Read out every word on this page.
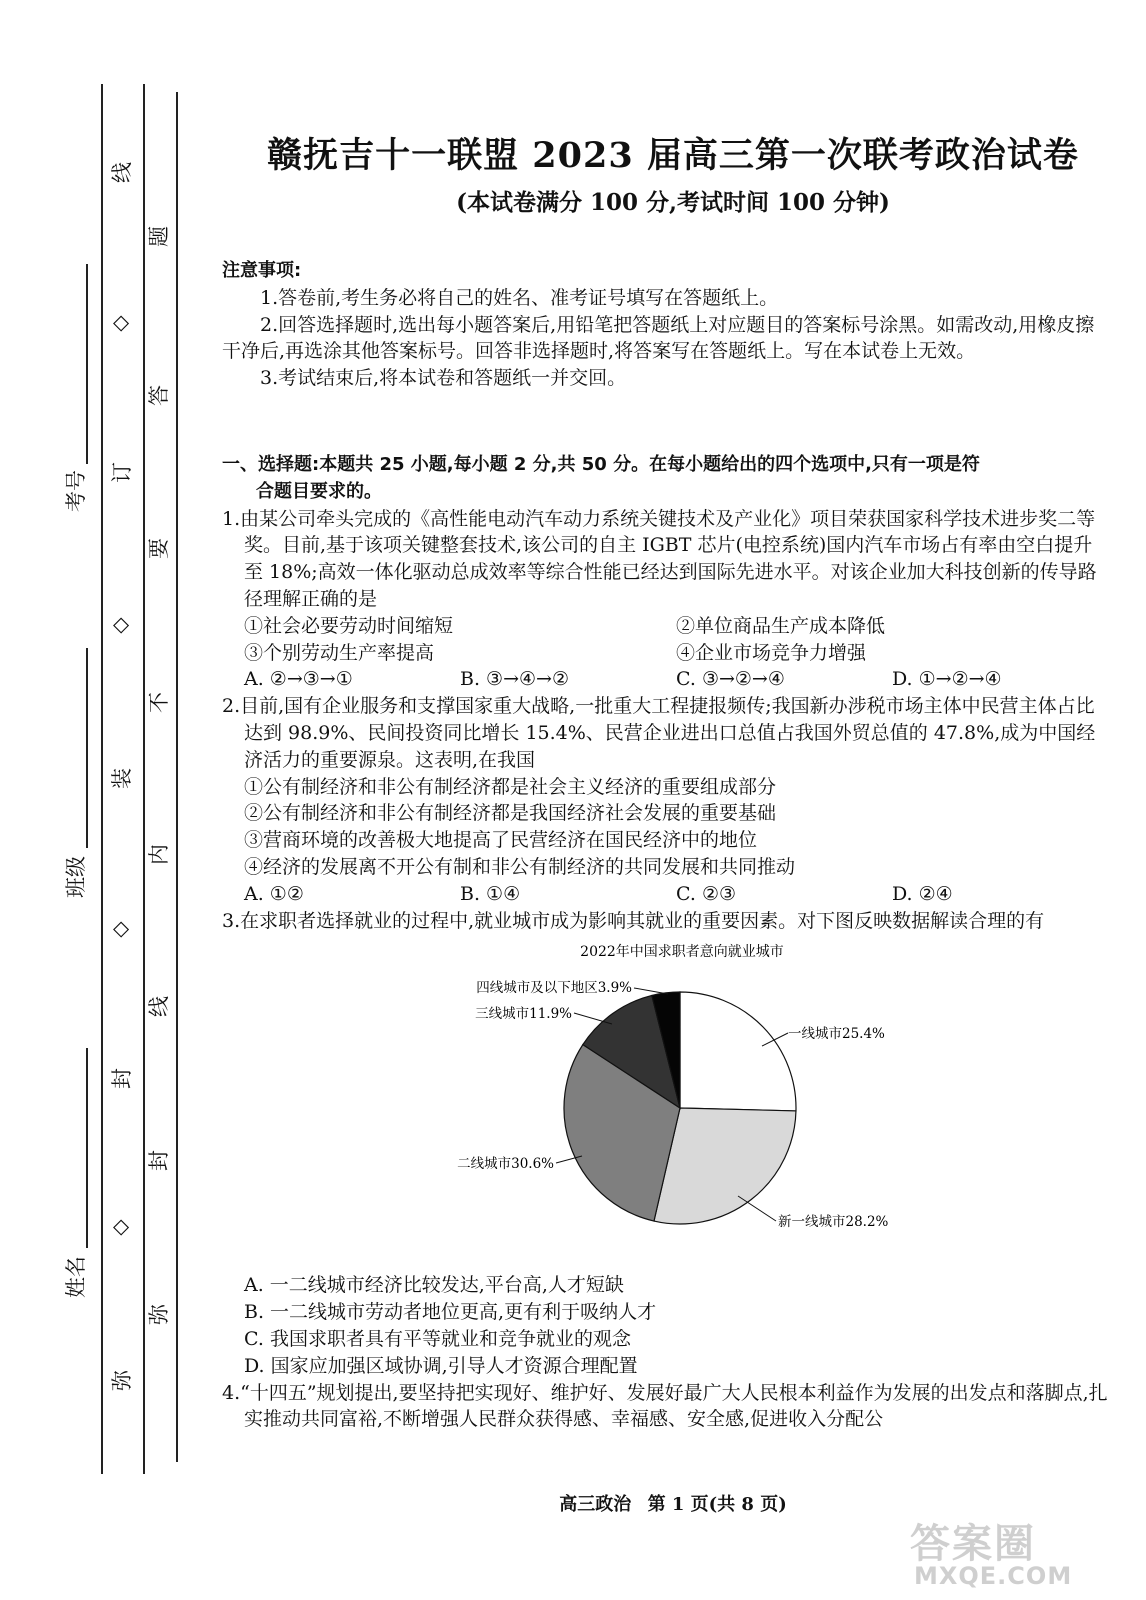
线
◇
订
◇
装
◇
封
◇
弥
题
答
要
不
内
线
封
弥
考号
班级
姓名
赣抚吉十一联盟 2023 届高三第一次联考政治试卷

(本试卷满分 100 分,考试时间 100 分钟)

注意事项:

1.答卷前,考生务必将自己的姓名、准考证号填写在答题纸上。

2.回答选择题时,选出每小题答案后,用铅笔把答题纸上对应题目的答案标号涂黑。如需改动,用橡皮擦干净后,再选涂其他答案标号。回答非选择题时,将答案写在答题纸上。写在本试卷上无效。

3.考试结束后,将本试卷和答题纸一并交回。

一、选择题:本题共 25 小题,每小题 2 分,共 50 分。在每小题给出的四个选项中,只有一项是符
合题目要求的。

1.由某公司牵头完成的《高性能电动汽车动力系统关键技术及产业化》项目荣获国家科学技术进步奖二等奖。目前,基于该项关键整套技术,该公司的自主 IGBT 芯片(电控系统)国内汽车市场占有率由空白提升至 18%;高效一体化驱动总成效率等综合性能已经达到国际先进水平。对该企业加大科技创新的传导路径理解正确的是

①社会必要劳动时间缩短	②单位商品生产成本降低
③个别劳动生产率提高	④企业市场竞争力增强
A. ②→③→①	B. ③→④→②	C. ③→②→④	D. ①→②→④

2.目前,国有企业服务和支撑国家重大战略,一批重大工程捷报频传;我国新办涉税市场主体中民营主体占比达到 98.9%、民间投资同比增长 15.4%、民营企业进出口总值占我国外贸总值的 47.8%,成为中国经济活力的重要源泉。这表明,在我国

①公有制经济和非公有制经济都是社会主义经济的重要组成部分

②公有制经济和非公有制经济都是我国经济社会发展的重要基础

③营商环境的改善极大地提高了民营经济在国民经济中的地位

④经济的发展离不开公有制和非公有制经济的共同发展和共同推动

A. ①②	B. ①④	C. ②③	D. ②④

3.在求职者选择就业的过程中,就业城市成为影响其就业的重要因素。对下图反映数据解读合理的有

2022年中国求职者意向就业城市
一线城市25.4%
新一线城市28.2%
二线城市30.6%
三线城市11.9%
四线城市及以下地区3.9%

A. 一二线城市经济比较发达,平台高,人才短缺

B. 一二线城市劳动者地位更高,更有利于吸纳人才

C. 我国求职者具有平等就业和竞争就业的观念

D. 国家应加强区域协调,引导人才资源合理配置

4.“十四五”规划提出,要坚持把实现好、维护好、发展好最广大人民根本利益作为发展的出发点和落脚点,扎实推动共同富裕,不断增强人民群众获得感、幸福感、安全感,促进收入分配公

高三政治 第 1 页(共 8 页)
答案圈
MXQE.COM
